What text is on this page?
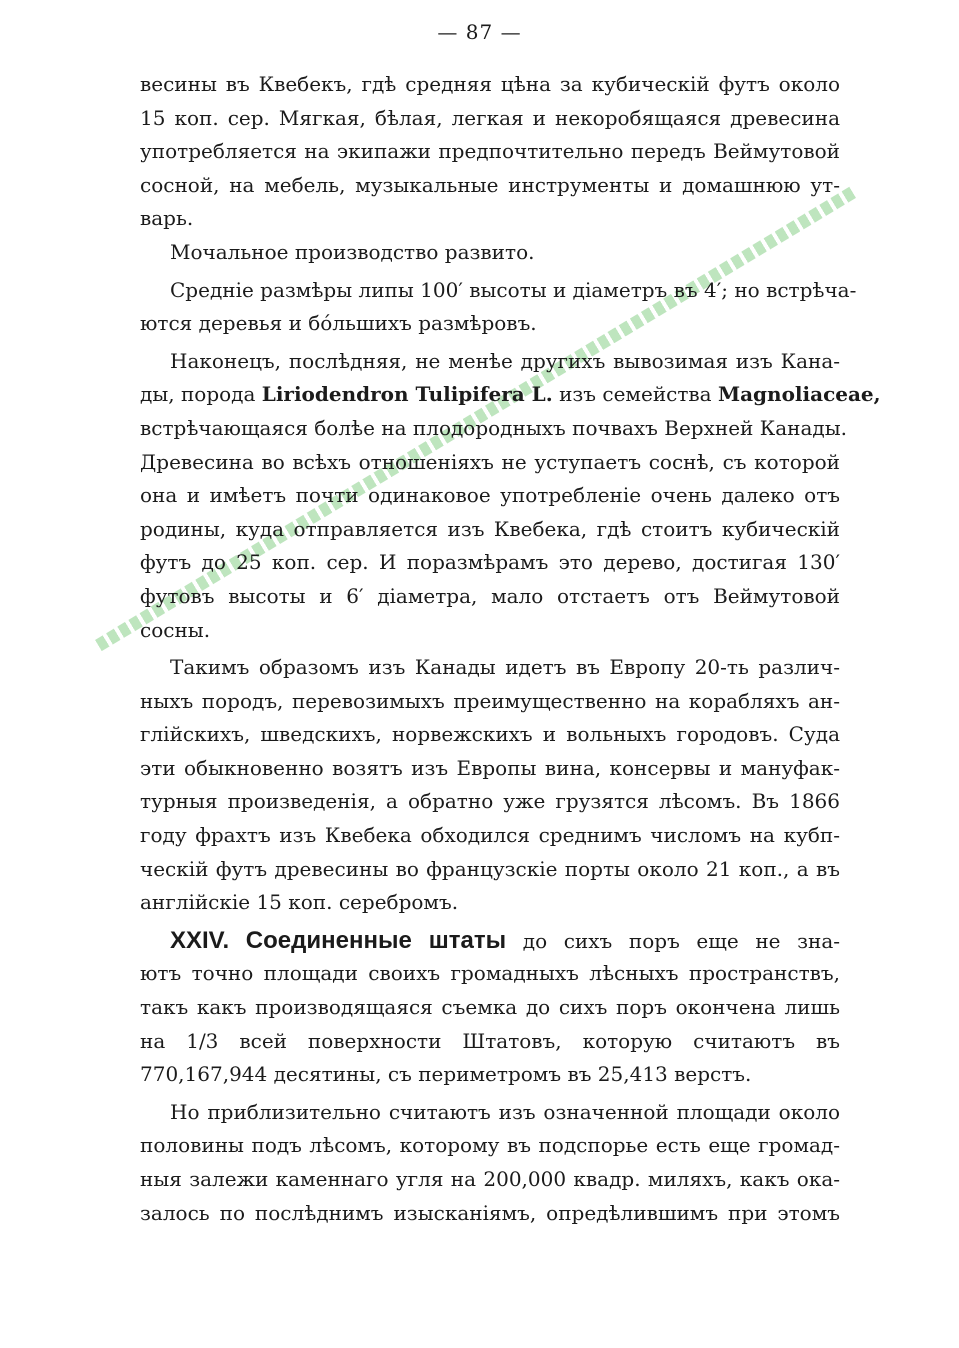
— 87 —
весины въ Квебекъ, гдѣ средняя цѣна за кубическій футъ около
15 коп. сер. Мягкая, бѣлая, легкая и некоробящаяся древесина
употребляется на экипажи предпочтительно передъ Веймутовой
сосной, на мебель, музыкальные инструменты и домашнюю ут-
варь.
Мочальное производство развито.
Средніе размѣры липы 100′ высоты и діаметръ въ 4′; но встрѣча-
ются деревья и бóльшихъ размѣровъ.
Наконецъ, послѣдняя, не менѣе другихъ вывозимая изъ Кана-
ды, порода Liriodendron Tulipifera L. изъ семейства Magnoliaceae,
встрѣчающаяся болѣе на плодородныхъ почвахъ Верхней Канады.
Древесина во всѣхъ отношеніяхъ не уступаетъ соснѣ, съ которой
она и имѣетъ почти одинаковое употребленіе очень далеко отъ
родины, куда отправляется изъ Квебека, гдѣ стоитъ кубическій
футъ до 25 коп. сер. И поразмѣрамъ это дерево, достигая 130′
футовъ высоты и 6′ діаметра, мало отстаетъ отъ Веймутовой
сосны.
Такимъ образомъ изъ Канады идетъ въ Европу 20-ть различ-
ныхъ породъ, перевозимыхъ преимущественно на корабляхъ ан-
глійскихъ, шведскихъ, норвежскихъ и вольныхъ городовъ. Суда
эти обыкновенно возятъ изъ Европы вина, консервы и мануфак-
турныя произведенія, а обратно уже грузятся лѣсомъ. Въ 1866
году фрахтъ изъ Квебека обходился среднимъ числомъ на кубп-
ческій футъ древесины во французскіе порты около 21 коп., а въ
англійскіе 15 коп. серебромъ.
XXIV. Соединенные штаты до сихъ поръ еще не зна-
ютъ точно площади своихъ громадныхъ лѣсныхъ пространствъ,
такъ какъ производящаяся съемка до сихъ поръ окончена лишь
на 1/3 всей поверхности Штатовъ, которую считаютъ въ
770,167,944 десятины, съ периметромъ въ 25,413 верстъ.
Но приблизительно считаютъ изъ означенной площади около
половины подъ лѣсомъ, которому въ подспорье есть еще громад-
ныя залежи каменнаго угля на 200,000 квадр. миляхъ, какъ ока-
залось по послѣднимъ изысканіямъ, опредѣлившимъ при этомъ
